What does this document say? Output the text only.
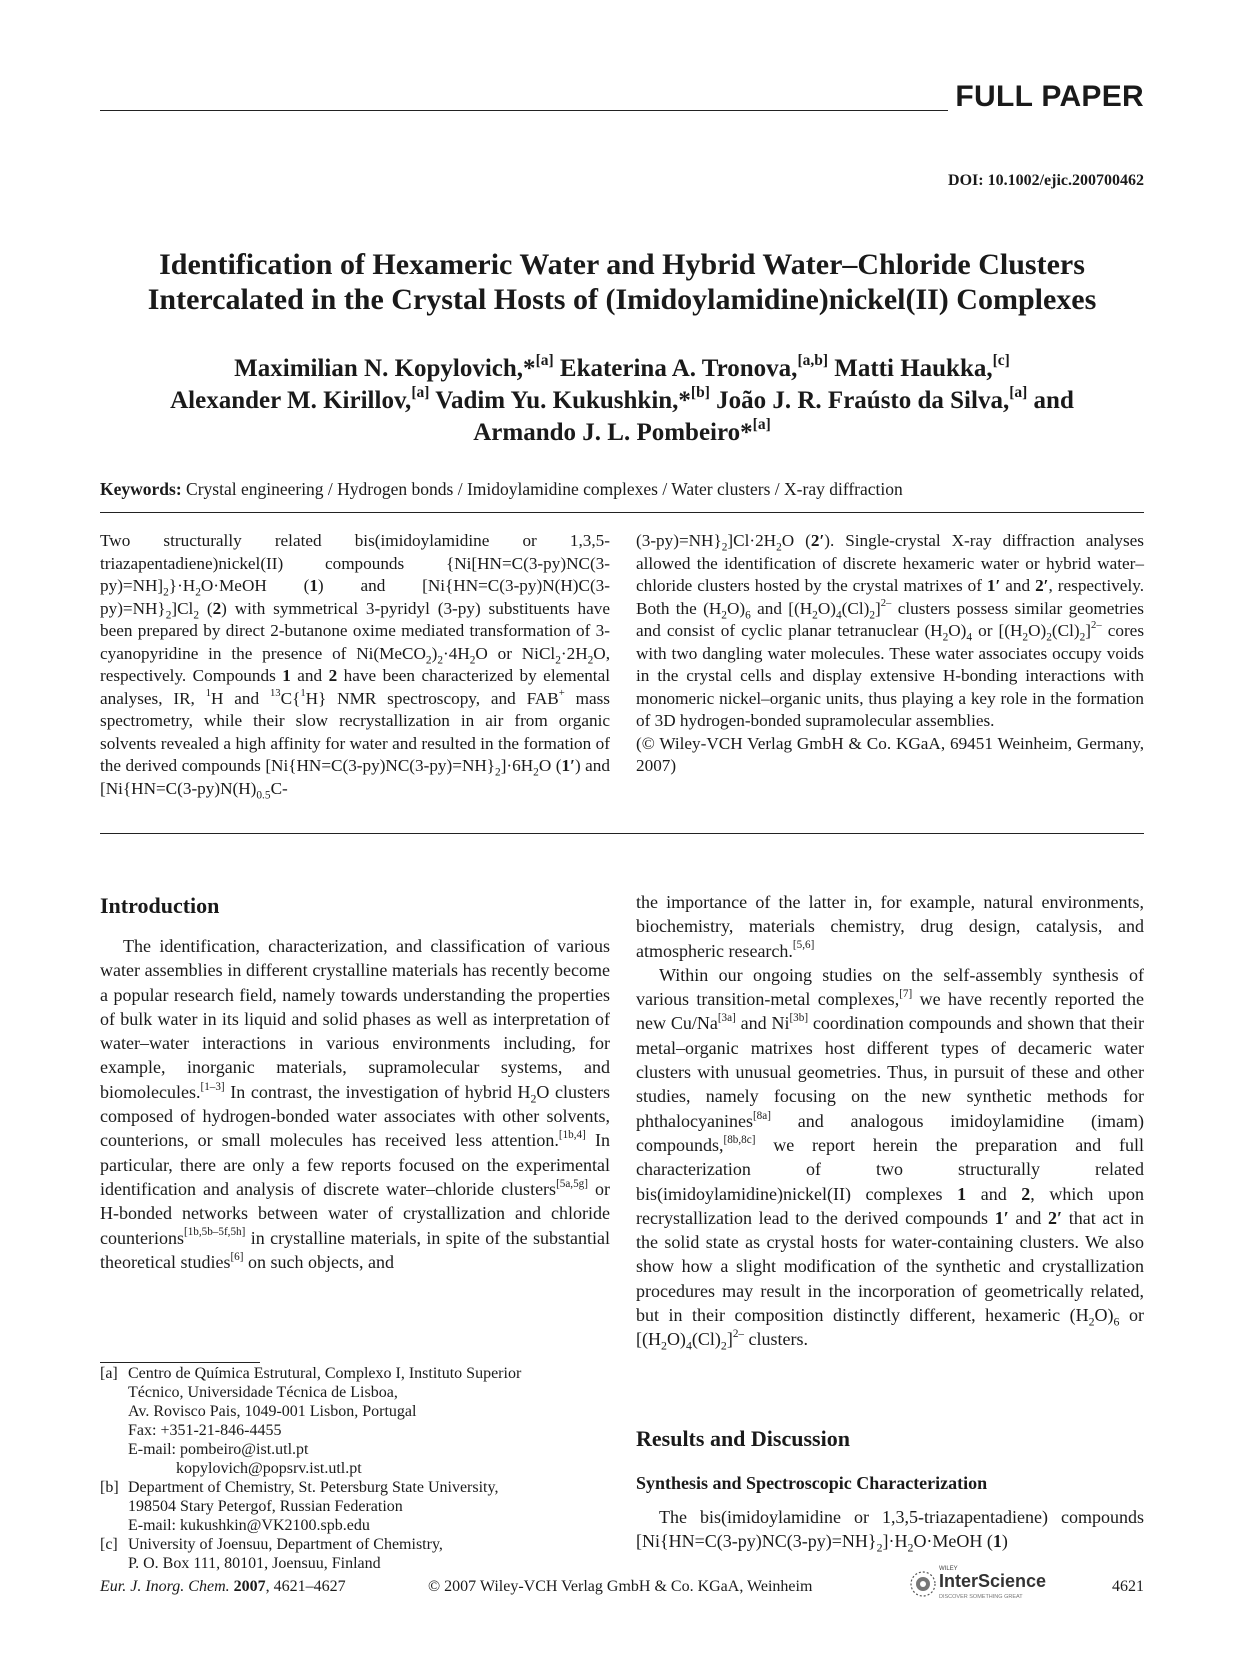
FULL PAPER
DOI: 10.1002/ejic.200700462
Identification of Hexameric Water and Hybrid Water–Chloride Clusters
Intercalated in the Crystal Hosts of (Imidoylamidine)nickel(II) Complexes
Maximilian N. Kopylovich,*[a] Ekaterina A. Tronova,[a,b] Matti Haukka,[c]
Alexander M. Kirillov,[a] Vadim Yu. Kukushkin,*[b] João J. R. Fraústo da Silva,[a] and
Armando J. L. Pombeiro*[a]
Keywords: Crystal engineering / Hydrogen bonds / Imidoylamidine complexes / Water clusters / X-ray diffraction
Two structurally related bis(imidoylamidine or 1,3,5-triazapentadiene)nickel(II) compounds $\{Ni[HN=C(3-py)NC(3-py)=NH]_2\}\cdot H_2O\cdot MeOH$ (1) and $[Ni\{HN=C(3-py)N(H)C(3-py)=NH\}_2]Cl_2$ (2) with symmetrical 3-pyridyl (3-py) substituents have been prepared by direct 2-butanone oxime mediated transformation of 3-cyanopyridine in the presence of $Ni(MeCO_2)_2\cdot 4H_2O$ or $NiCl_2\cdot 2H_2O$, respectively. Compounds 1 and 2 have been characterized by elemental analyses, IR, $^1$H and $^{13}$C{$^1$H} NMR spectroscopy, and FAB+ mass spectrometry, while their slow recrystallization in air from organic solvents revealed a high affinity for water and resulted in the formation of the derived compounds $[Ni\{HN=C(3-py)NC(3-py)=NH\}_2]\cdot 6H_2O$ (1′) and [$Ni\{HN=C(3-py)N(H)_{0.5}C-$
$(3-py)=NH\}_2]Cl\cdot 2H_2O$ (2′). Single-crystal X-ray diffraction analyses allowed the identification of discrete hexameric water or hybrid water–chloride clusters hosted by the crystal matrixes of 1′ and 2′, respectively. Both the $(H_2O)_6$ and $[(H_2O)_4(Cl)_2]^{2-}$ clusters possess similar geometries and consist of cyclic planar tetranuclear $(H_2O)_4$ or $[(H_2O)_2(Cl)_2]^{2-}$ cores with two dangling water molecules. These water associates occupy voids in the crystal cells and display extensive H-bonding interactions with monomeric nickel–organic units, thus playing a key role in the formation of 3D hydrogen-bonded supramolecular assemblies.
(© Wiley-VCH Verlag GmbH & Co. KGaA, 69451 Weinheim, Germany, 2007)
Introduction

The identification, characterization, and classification of various water assemblies in different crystalline materials has recently become a popular research field, namely towards understanding the properties of bulk water in its liquid and solid phases as well as interpretation of water–water interactions in various environments including, for example, inorganic materials, supramolecular systems, and biomolecules.[1–3] In contrast, the investigation of hybrid $H_2O$ clusters composed of hydrogen-bonded water associates with other solvents, counterions, or small molecules has received less attention.[1b,4] In particular, there are only a few reports focused on the experimental identification and analysis of discrete water–chloride clusters[5a,5g] or H-bonded networks between water of crystallization and chloride counterions[1b,5b–5f,5h] in crystalline materials, in spite of the substantial theoretical studies[6] on such objects, and

the importance of the latter in, for example, natural environments, biochemistry, materials chemistry, drug design, catalysis, and atmospheric research.[5,6]

Within our ongoing studies on the self-assembly synthesis of various transition-metal complexes,[7] we have recently reported the new Cu/Na[3a] and Ni[3b] coordination compounds and shown that their metal–organic matrixes host different types of decameric water clusters with unusual geometries. Thus, in pursuit of these and other studies, namely focusing on the new synthetic methods for phthalocyanines[8a] and analogous imidoylamidine (imam) compounds,[8b,8c] we report herein the preparation and full characterization of two structurally related bis(imidoylamidine)nickel(II) complexes 1 and 2, which upon recrystallization lead to the derived compounds 1′ and 2′ that act in the solid state as crystal hosts for water-containing clusters. We also show how a slight modification of the synthetic and crystallization procedures may result in the incorporation of geometrically related, but in their composition distinctly different, hexameric $(H_2O)_6$ or $[(H_2O)_4(Cl)_2]^{2-}$ clusters.

[a] Centro de Química Estrutural, Complexo I, Instituto Superior
Técnico, Universidade Técnica de Lisboa,
Av. Rovisco Pais, 1049-001 Lisbon, Portugal
Fax: +351-21-846-4455
E-mail: pombeiro@ist.utl.pt
kopylovich@popsrv.ist.utl.pt
[b] Department of Chemistry, St. Petersburg State University,
198504 Stary Petergof, Russian Federation
E-mail: kukushkin@VK2100.spb.edu
[c] University of Joensuu, Department of Chemistry,
P. O. Box 111, 80101, Joensuu, Finland
Results and Discussion
Synthesis and Spectroscopic Characterization

The bis(imidoylamidine or 1,3,5-triazapentadiene) compounds $[Ni\{HN=C(3-py)NC(3-py)=NH\}_2]\cdot H_2O\cdot MeOH$ (1)

Eur. J. Inorg. Chem. 2007, 4621–4627	© 2007 Wiley-VCH Verlag GmbH & Co. KGaA, Weinheim
WILEY
InterScience
DISCOVER SOMETHING GREAT
4621
